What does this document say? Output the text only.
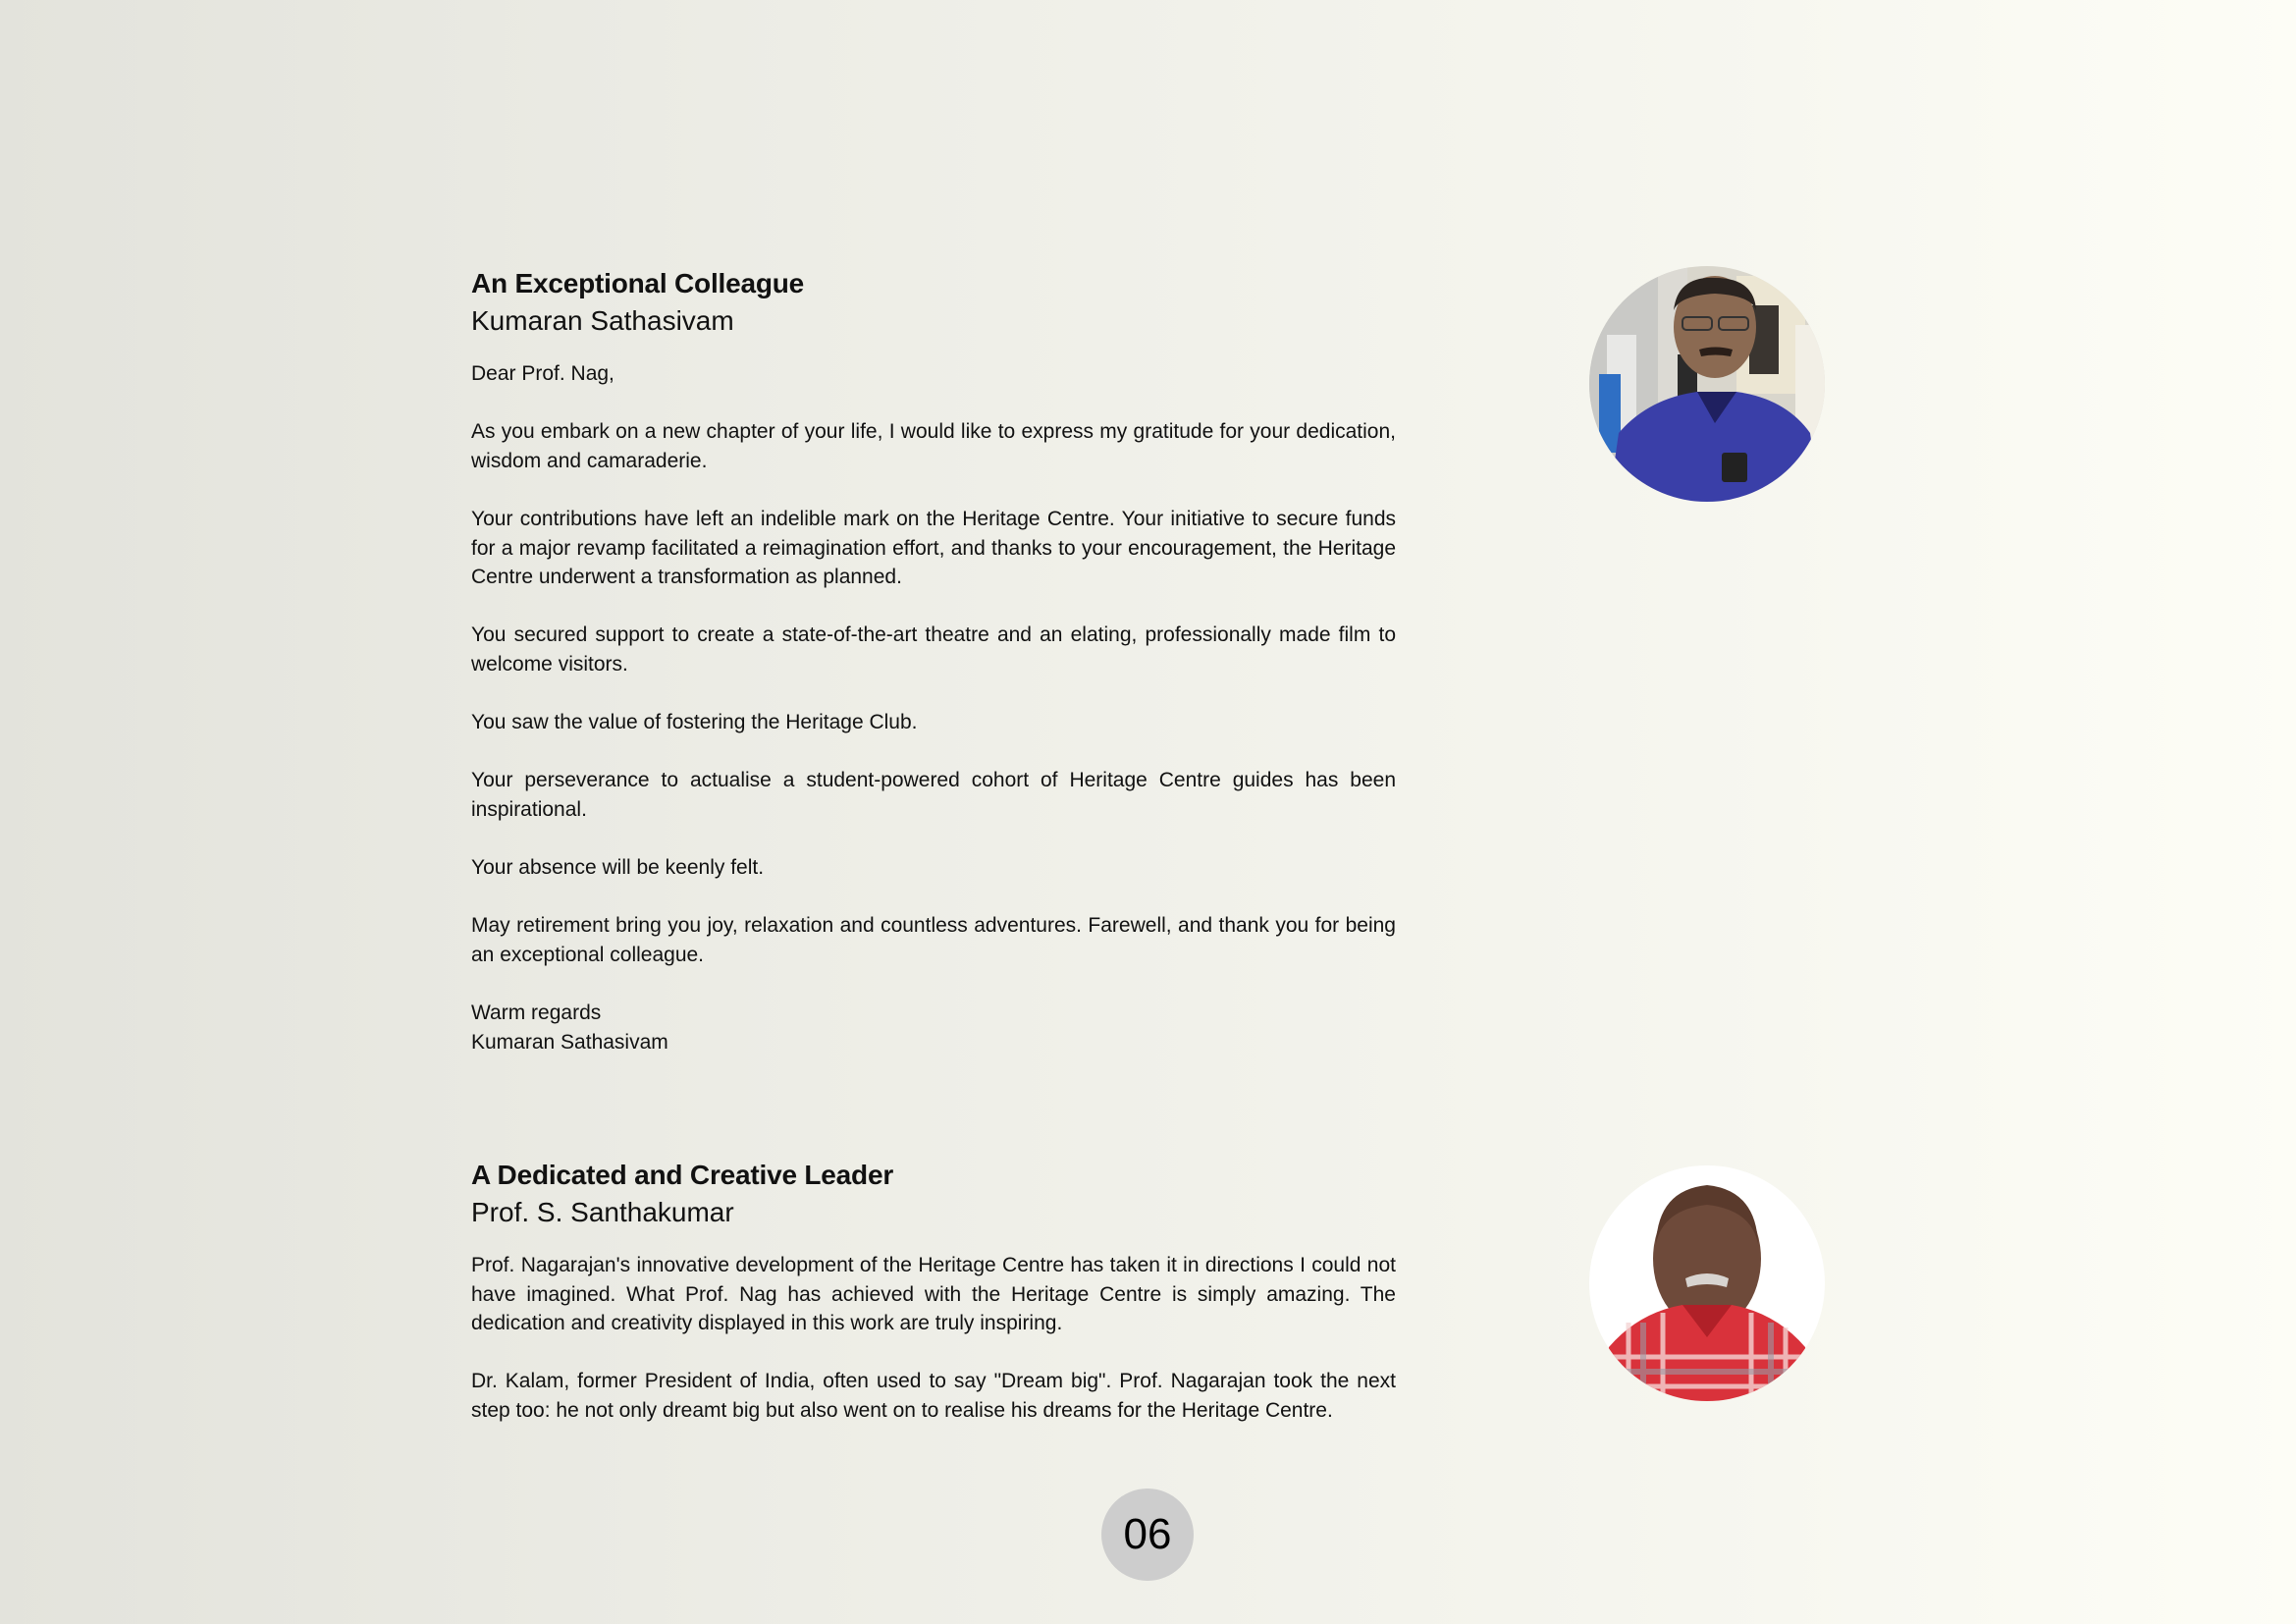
An Exceptional Colleague
Kumaran Sathasivam

Dear Prof. Nag,

As you embark on a new chapter of your life, I would like to express my gratitude for your dedication, wisdom and camaraderie.

Your contributions have left an indelible mark on the Heritage Centre. Your initiative to secure funds for a major revamp facilitated a reimagination effort, and thanks to your encouragement, the Heritage Centre underwent a transformation as planned.

You secured support to create a state-of-the-art theatre and an elating, professionally made film to welcome visitors.

You saw the value of fostering the Heritage Club.

Your perseverance to actualise a student-powered cohort of Heritage Centre guides has been inspirational.

Your absence will be keenly felt.

May retirement bring you joy, relaxation and countless adventures. Farewell, and thank you for being an exceptional colleague.

Warm regards

Kumaran Sathasivam

A Dedicated and Creative Leader
Prof. S. Santhakumar

Prof. Nagarajan's innovative development of the Heritage Centre has taken it in directions I could not have imagined. What Prof. Nag has achieved with the Heritage Centre is simply amazing. The dedication and creativity displayed in this work are truly inspiring.

Dr. Kalam, former President of India, often used to say "Dream big". Prof. Nagarajan took the next step too: he not only dreamt big but also went on to realise his dreams for the Heritage Centre.

06
